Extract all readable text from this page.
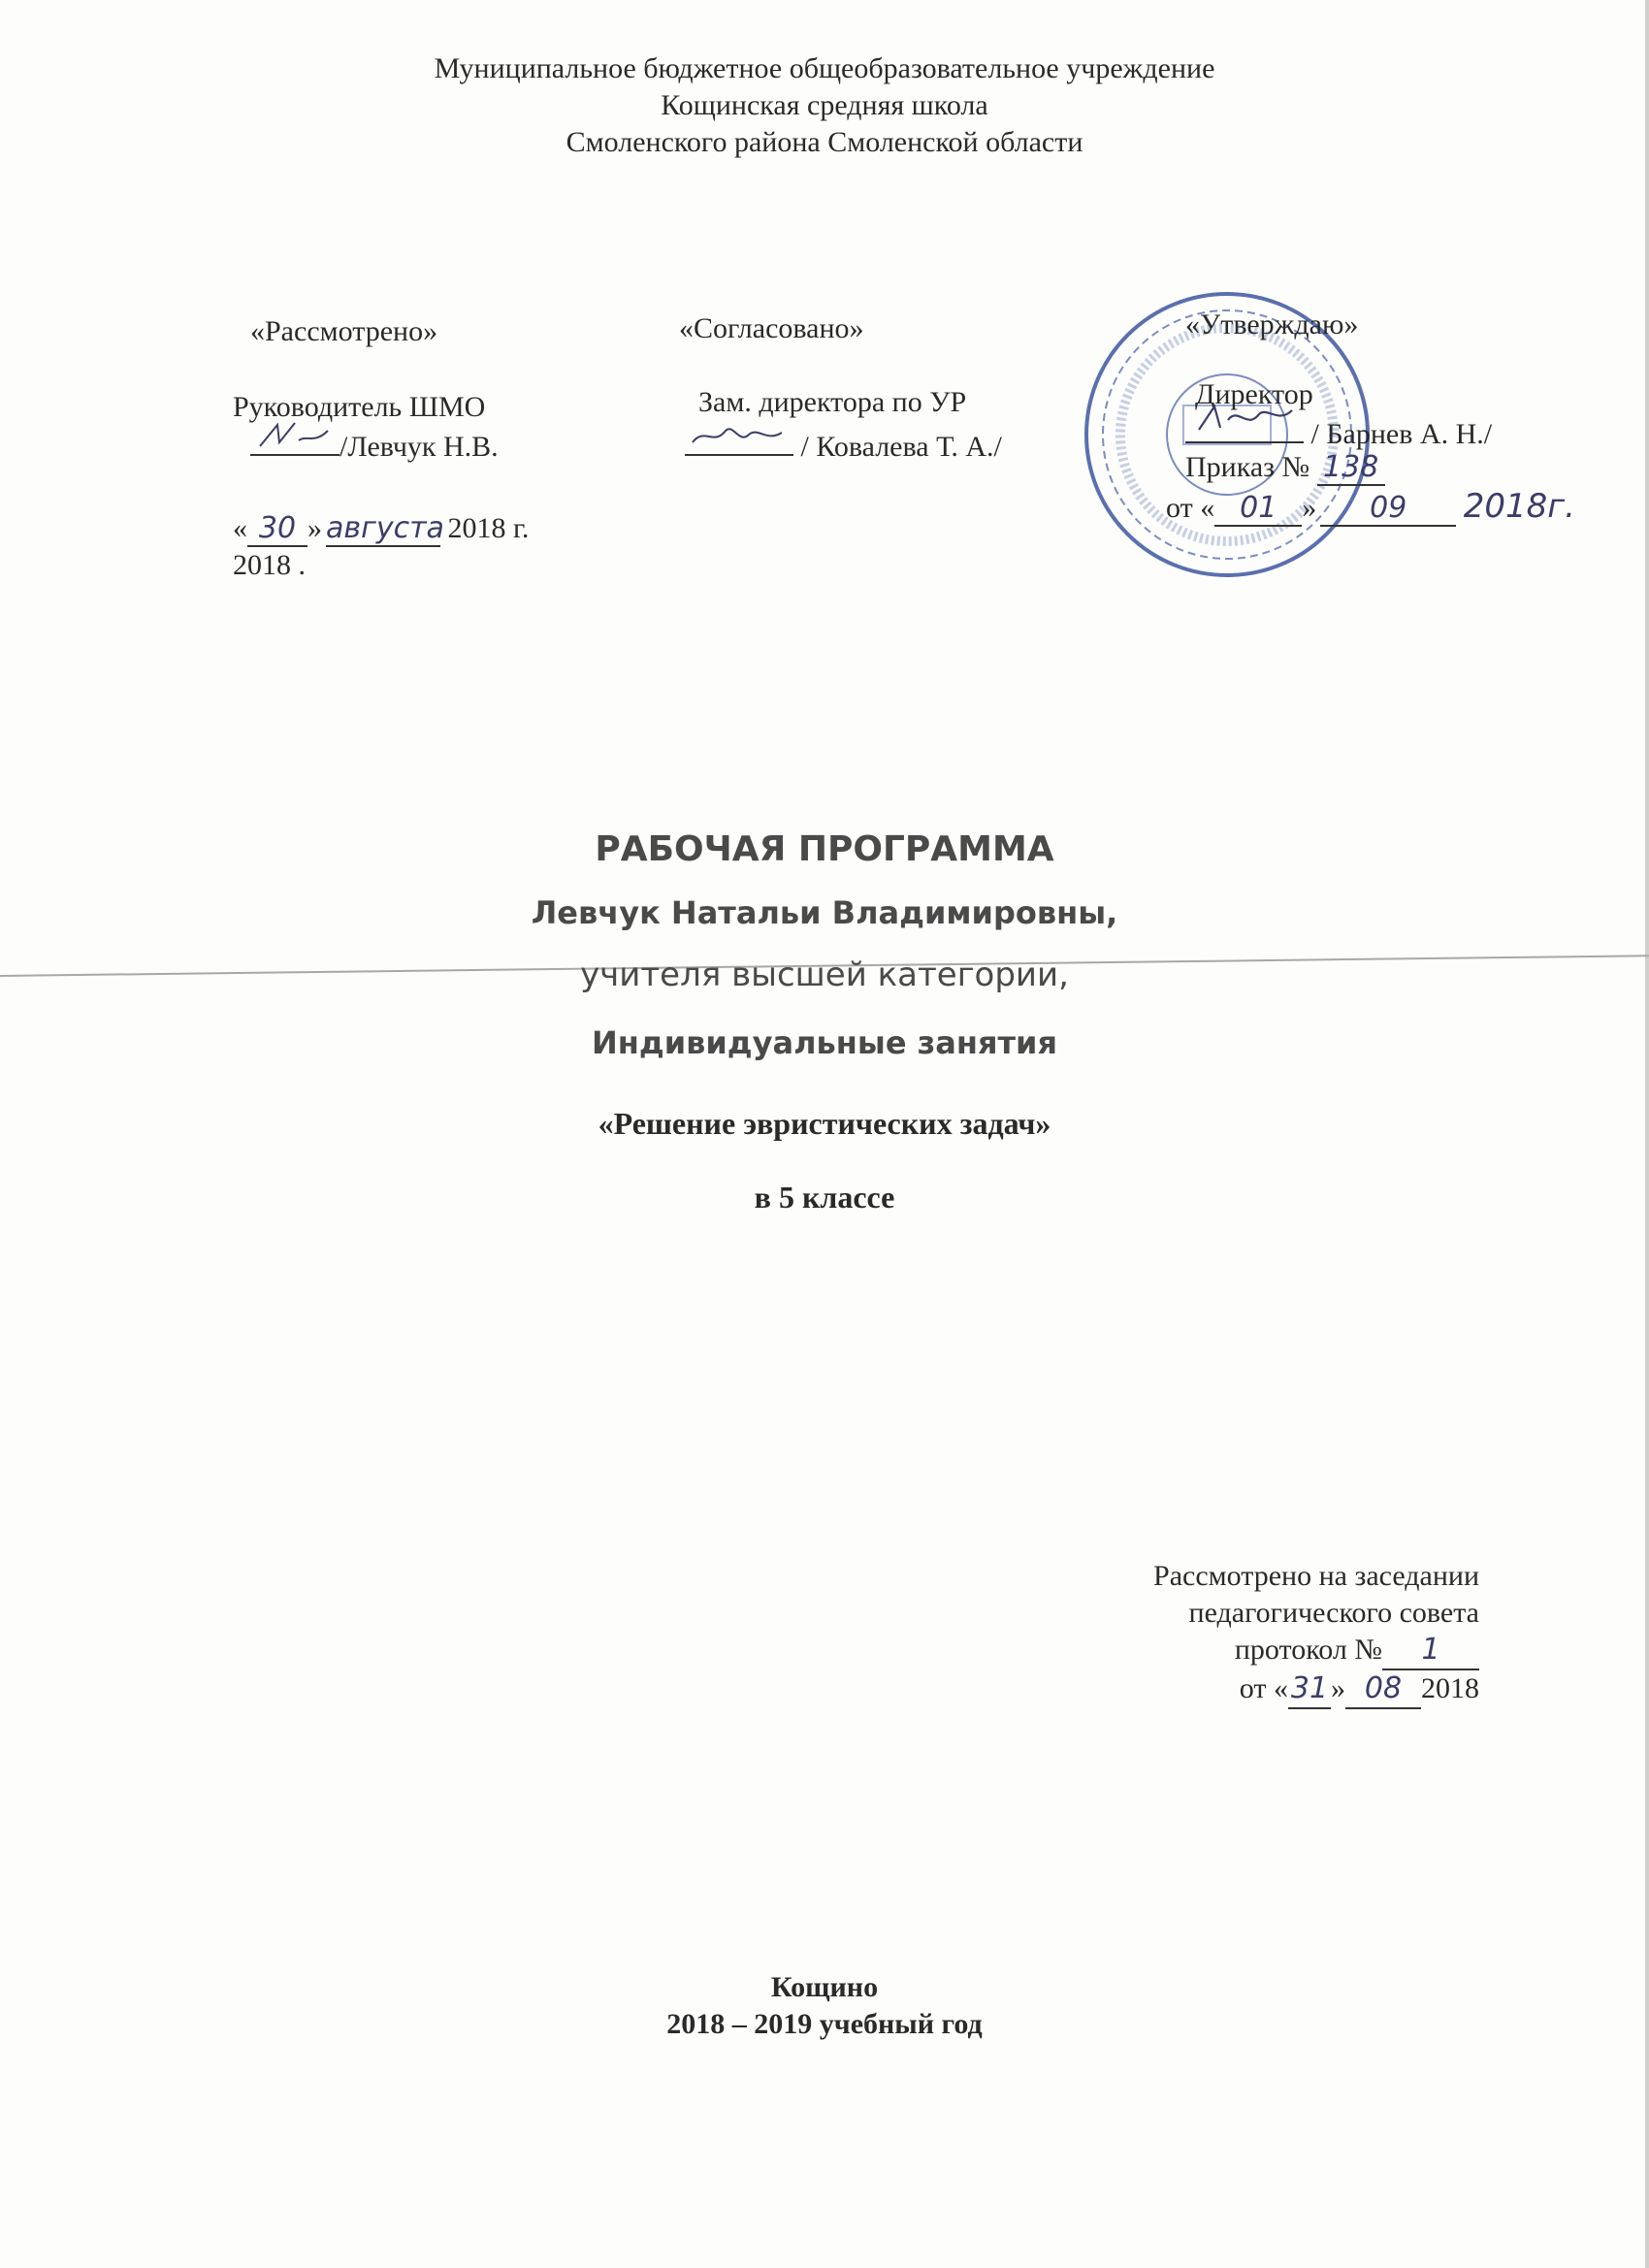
Муниципальное бюджетное общеобразовательное учреждение
Кощинская средняя школа
Смоленского района Смоленской области
«Рассмотрено»
Руководитель ШМО
/Левчук Н.В.
« 30 » августа 2018 г.
2018 .
«Согласовано»
Зам. директора по УР
/ Ковалева Т. А./
«Утверждаю»
Директор
/ Барнев А. Н./
Приказ № 138
от « 01 » 09 2018г.
РАБОЧАЯ ПРОГРАММА
Левчук Натальи Владимировны,
учителя высшей категории,
Индивидуальные занятия
«Решение эвристических задач»
в 5 классе
Рассмотрено на заседании
педагогического совета
протокол № 1
от «31» 08 2018
Кощино
2018 – 2019 учебный год
